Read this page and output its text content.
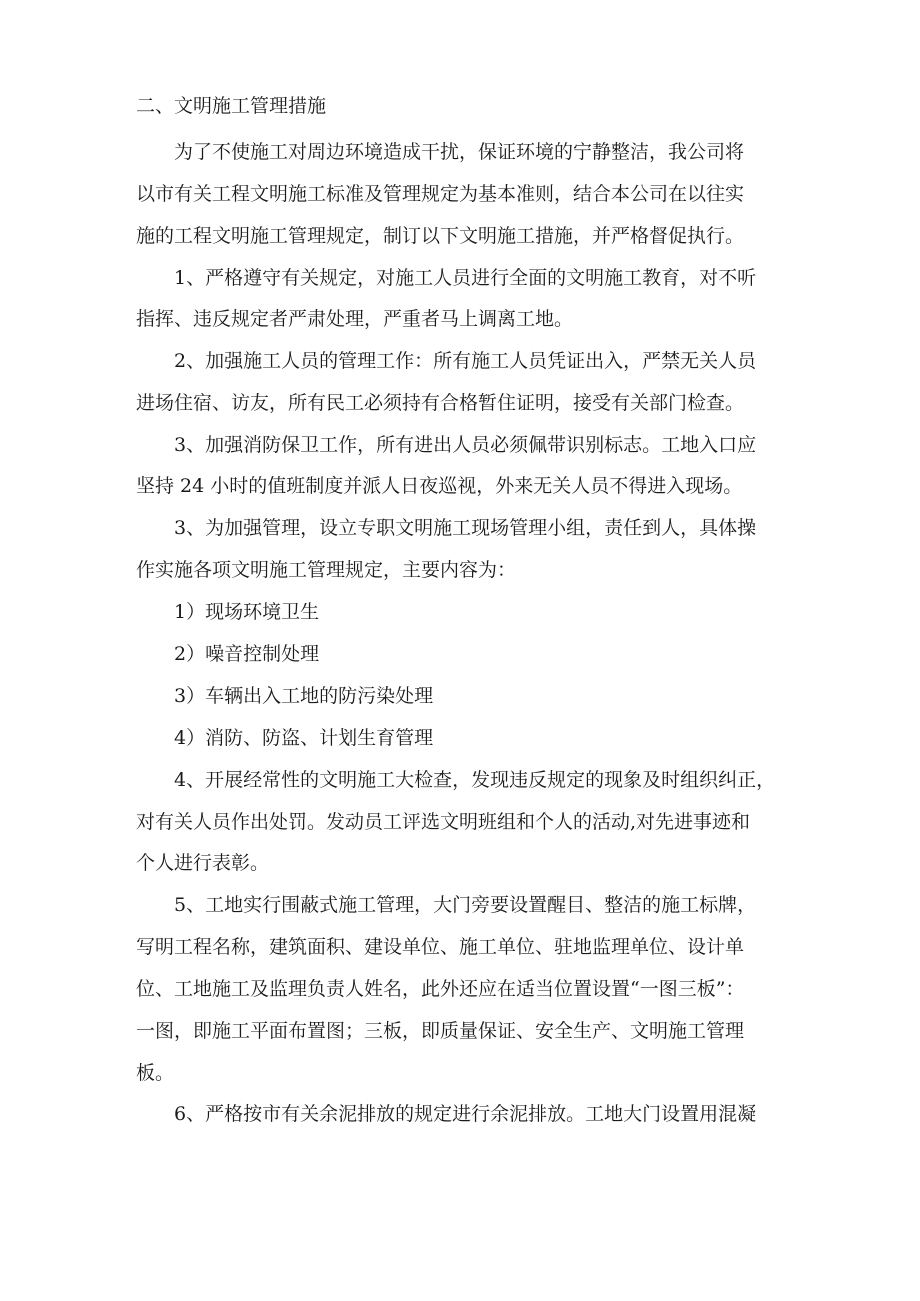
二、文明施工管理措施
为了不使施工对周边环境造成干扰，保证环境的宁静整洁，我公司将
以市有关工程文明施工标准及管理规定为基本准则，结合本公司在以往实
施的工程文明施工管理规定，制订以下文明施工措施，并严格督促执行。
1、严格遵守有关规定，对施工人员进行全面的文明施工教育，对不听
指挥、违反规定者严肃处理，严重者马上调离工地。
2、加强施工人员的管理工作：所有施工人员凭证出入，严禁无关人员
进场住宿、访友，所有民工必须持有合格暂住证明，接受有关部门检查。
3、加强消防保卫工作，所有进出人员必须佩带识别标志。工地入口应
坚持 24 小时的值班制度并派人日夜巡视，外来无关人员不得进入现场。
3、为加强管理，设立专职文明施工现场管理小组，责任到人，具体操
作实施各项文明施工管理规定，主要内容为：
1）现场环境卫生
2）噪音控制处理
3）车辆出入工地的防污染处理
4）消防、防盗、计划生育管理
4、开展经常性的文明施工大检查，发现违反规定的现象及时组织纠正，
对有关人员作出处罚。发动员工评选文明班组和个人的活动,对先进事迹和
个人进行表彰。
5、工地实行围蔽式施工管理，大门旁要设置醒目、整洁的施工标牌，
写明工程名称，建筑面积、建设单位、施工单位、驻地监理单位、设计单
位、工地施工及监理负责人姓名，此外还应在适当位置设置“一图三板”：
一图，即施工平面布置图；三板，即质量保证、安全生产、文明施工管理
板。
6、严格按市有关余泥排放的规定进行余泥排放。工地大门设置用混凝
